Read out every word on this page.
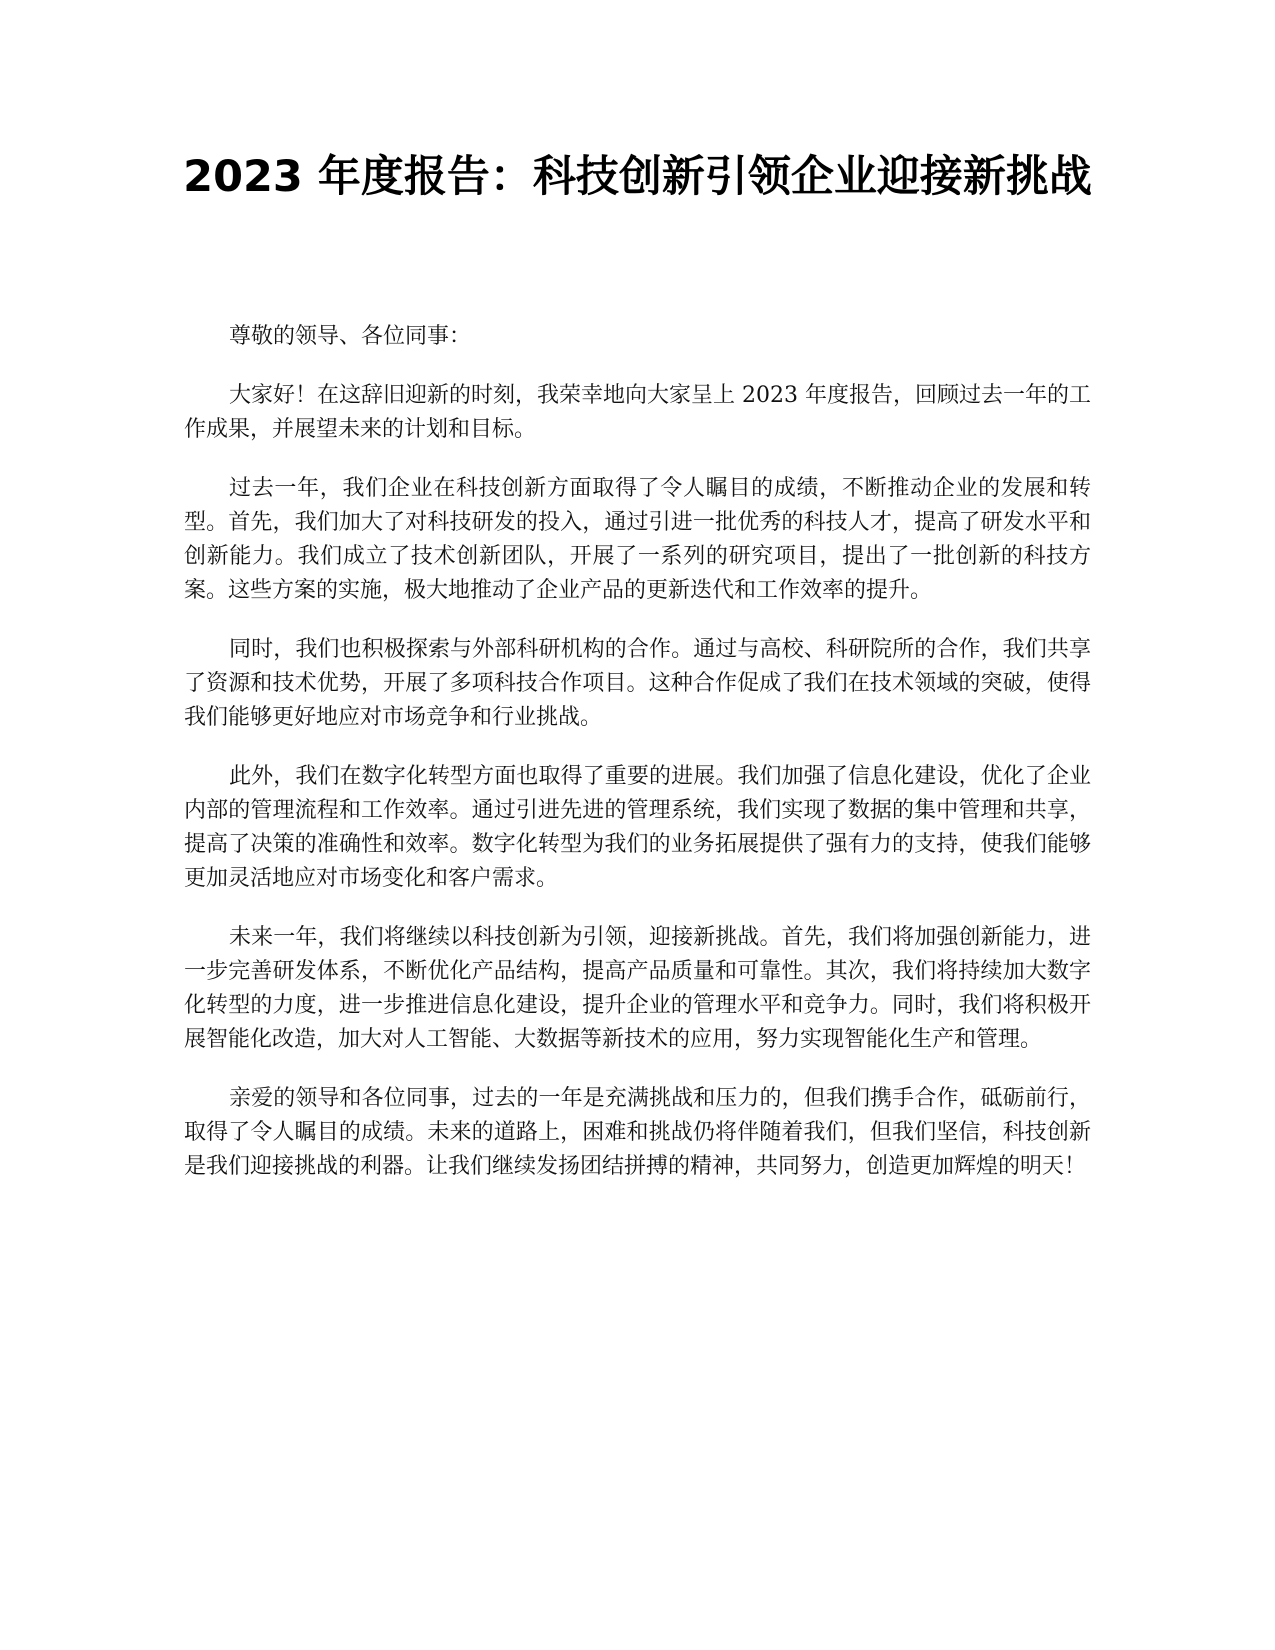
2023 年度报告：科技创新引领企业迎接新挑战

尊敬的领导、各位同事：

大家好！在这辞旧迎新的时刻，我荣幸地向大家呈上 2023 年度报告，回顾过去一年的工作成果，并展望未来的计划和目标。

过去一年，我们企业在科技创新方面取得了令人瞩目的成绩，不断推动企业的发展和转型。首先，我们加大了对科技研发的投入，通过引进一批优秀的科技人才，提高了研发水平和创新能力。我们成立了技术创新团队，开展了一系列的研究项目，提出了一批创新的科技方案。这些方案的实施，极大地推动了企业产品的更新迭代和工作效率的提升。

同时，我们也积极探索与外部科研机构的合作。通过与高校、科研院所的合作，我们共享了资源和技术优势，开展了多项科技合作项目。这种合作促成了我们在技术领域的突破，使得我们能够更好地应对市场竞争和行业挑战。

此外，我们在数字化转型方面也取得了重要的进展。我们加强了信息化建设，优化了企业内部的管理流程和工作效率。通过引进先进的管理系统，我们实现了数据的集中管理和共享，提高了决策的准确性和效率。数字化转型为我们的业务拓展提供了强有力的支持，使我们能够更加灵活地应对市场变化和客户需求。

未来一年，我们将继续以科技创新为引领，迎接新挑战。首先，我们将加强创新能力，进一步完善研发体系，不断优化产品结构，提高产品质量和可靠性。其次，我们将持续加大数字化转型的力度，进一步推进信息化建设，提升企业的管理水平和竞争力。同时，我们将积极开展智能化改造，加大对人工智能、大数据等新技术的应用，努力实现智能化生产和管理。

亲爱的领导和各位同事，过去的一年是充满挑战和压力的，但我们携手合作，砥砺前行，取得了令人瞩目的成绩。未来的道路上，困难和挑战仍将伴随着我们，但我们坚信，科技创新是我们迎接挑战的利器。让我们继续发扬团结拼搏的精神，共同努力，创造更加辉煌的明天！
